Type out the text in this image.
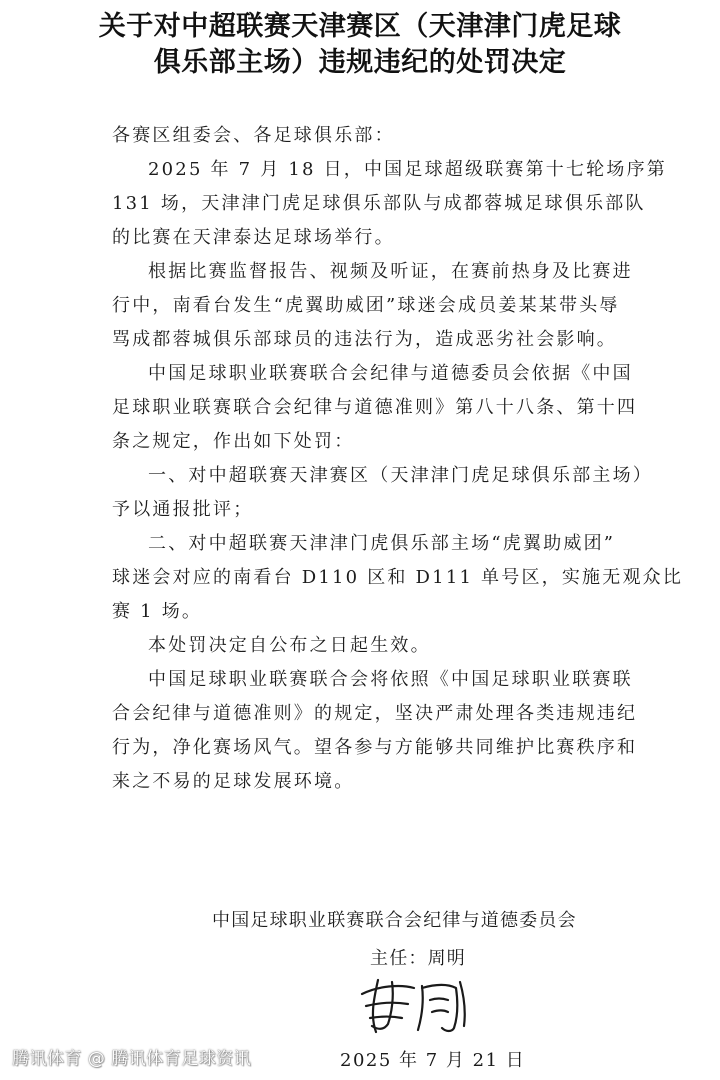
关于对中超联赛天津赛区（天津津门虎足球
俱乐部主场）违规违纪的处罚决定
各赛区组委会、各足球俱乐部：
2025 年 7 月 18 日，中国足球超级联赛第十七轮场序第
131 场，天津津门虎足球俱乐部队与成都蓉城足球俱乐部队
的比赛在天津泰达足球场举行。
根据比赛监督报告、视频及听证，在赛前热身及比赛进
行中，南看台发生“虎翼助威团”球迷会成员姜某某带头辱
骂成都蓉城俱乐部球员的违法行为，造成恶劣社会影响。
中国足球职业联赛联合会纪律与道德委员会依据《中国
足球职业联赛联合会纪律与道德准则》第八十八条、第十四
条之规定，作出如下处罚：
一、对中超联赛天津赛区（天津津门虎足球俱乐部主场）
予以通报批评；
二、对中超联赛天津津门虎俱乐部主场“虎翼助威团”
球迷会对应的南看台 D110 区和 D111 单号区，实施无观众比
赛 1 场。
本处罚决定自公布之日起生效。
中国足球职业联赛联合会将依照《中国足球职业联赛联
合会纪律与道德准则》的规定，坚决严肃处理各类违规违纪
行为，净化赛场风气。望各参与方能够共同维护比赛秩序和
来之不易的足球发展环境。
中国足球职业联赛联合会纪律与道德委员会
主任：周明
2025 年 7 月 21 日
腾讯体育 @ 腾讯体育足球资讯
